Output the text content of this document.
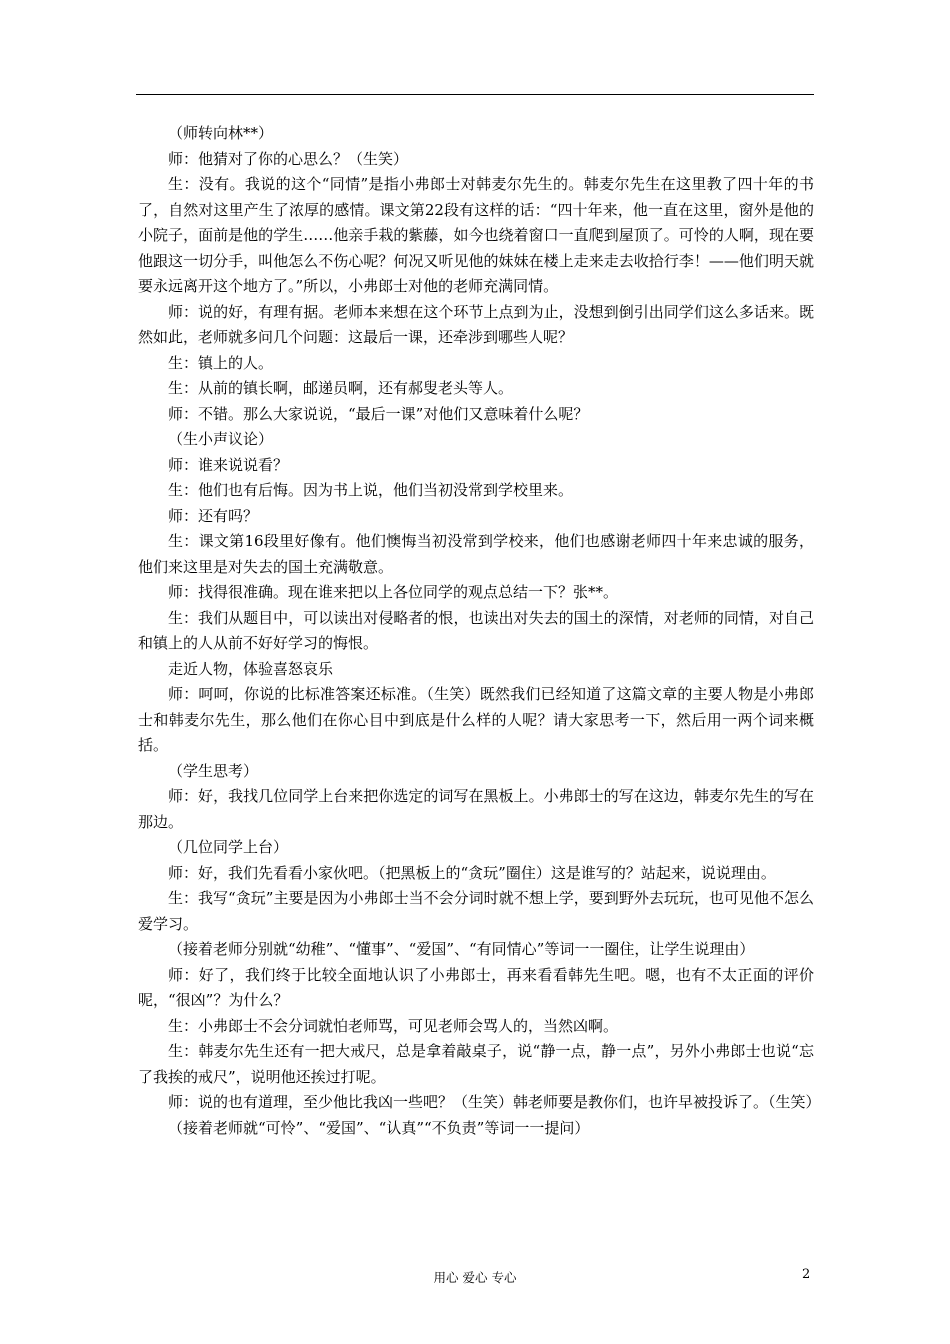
（师转向林**）

师：他猜对了你的心思么？（生笑）

生：没有。我说的这个“同情”是指小弗郎士对韩麦尔先生的。韩麦尔先生在这里教了四十年的书了，自然对这里产生了浓厚的感情。课文第22段有这样的话：“四十年来，他一直在这里，窗外是他的小院子，面前是他的学生……他亲手栽的紫藤，如今也绕着窗口一直爬到屋顶了。可怜的人啊，现在要他跟这一切分手，叫他怎么不伤心呢？何况又听见他的妹妹在楼上走来走去收拾行李！——他们明天就要永远离开这个地方了。”所以，小弗郎士对他的老师充满同情。

师：说的好，有理有据。老师本来想在这个环节上点到为止，没想到倒引出同学们这么多话来。既然如此，老师就多问几个问题：这最后一课，还牵涉到哪些人呢？

生：镇上的人。

生：从前的镇长啊，邮递员啊，还有郝叟老头等人。

师：不错。那么大家说说，“最后一课”对他们又意味着什么呢？

（生小声议论）

师：谁来说说看？

生：他们也有后悔。因为书上说，他们当初没常到学校里来。

师：还有吗？

生：课文第16段里好像有。他们懊悔当初没常到学校来，他们也感谢老师四十年来忠诚的服务，他们来这里是对失去的国土充满敬意。

师：找得很准确。现在谁来把以上各位同学的观点总结一下？张**。

生：我们从题目中，可以读出对侵略者的恨，也读出对失去的国土的深情，对老师的同情，对自己和镇上的人从前不好好学习的悔恨。

走近人物，体验喜怒哀乐

师：呵呵，你说的比标准答案还标准。（生笑）既然我们已经知道了这篇文章的主要人物是小弗郎士和韩麦尔先生，那么他们在你心目中到底是什么样的人呢？请大家思考一下，然后用一两个词来概括。

（学生思考）

师：好，我找几位同学上台来把你选定的词写在黑板上。小弗郎士的写在这边，韩麦尔先生的写在那边。

（几位同学上台）

师：好，我们先看看小家伙吧。（把黑板上的“贪玩”圈住）这是谁写的？站起来，说说理由。

生：我写“贪玩”主要是因为小弗郎士当不会分词时就不想上学，要到野外去玩玩，也可见他不怎么爱学习。

（接着老师分别就“幼稚”、“懂事”、“爱国”、“有同情心”等词一一圈住，让学生说理由）

师：好了，我们终于比较全面地认识了小弗郎士，再来看看韩先生吧。嗯，也有不太正面的评价呢，“很凶”？为什么？

生：小弗郎士不会分词就怕老师骂，可见老师会骂人的，当然凶啊。

生：韩麦尔先生还有一把大戒尺，总是拿着敲桌子，说“静一点，静一点”，另外小弗郎士也说“忘了我挨的戒尺”，说明他还挨过打呢。

师：说的也有道理，至少他比我凶一些吧？（生笑）韩老师要是教你们，也许早被投诉了。（生笑）

（接着老师就“可怜”、“爱国”、“认真”“不负责”等词一一提问）

用心 爱心 专心	2
